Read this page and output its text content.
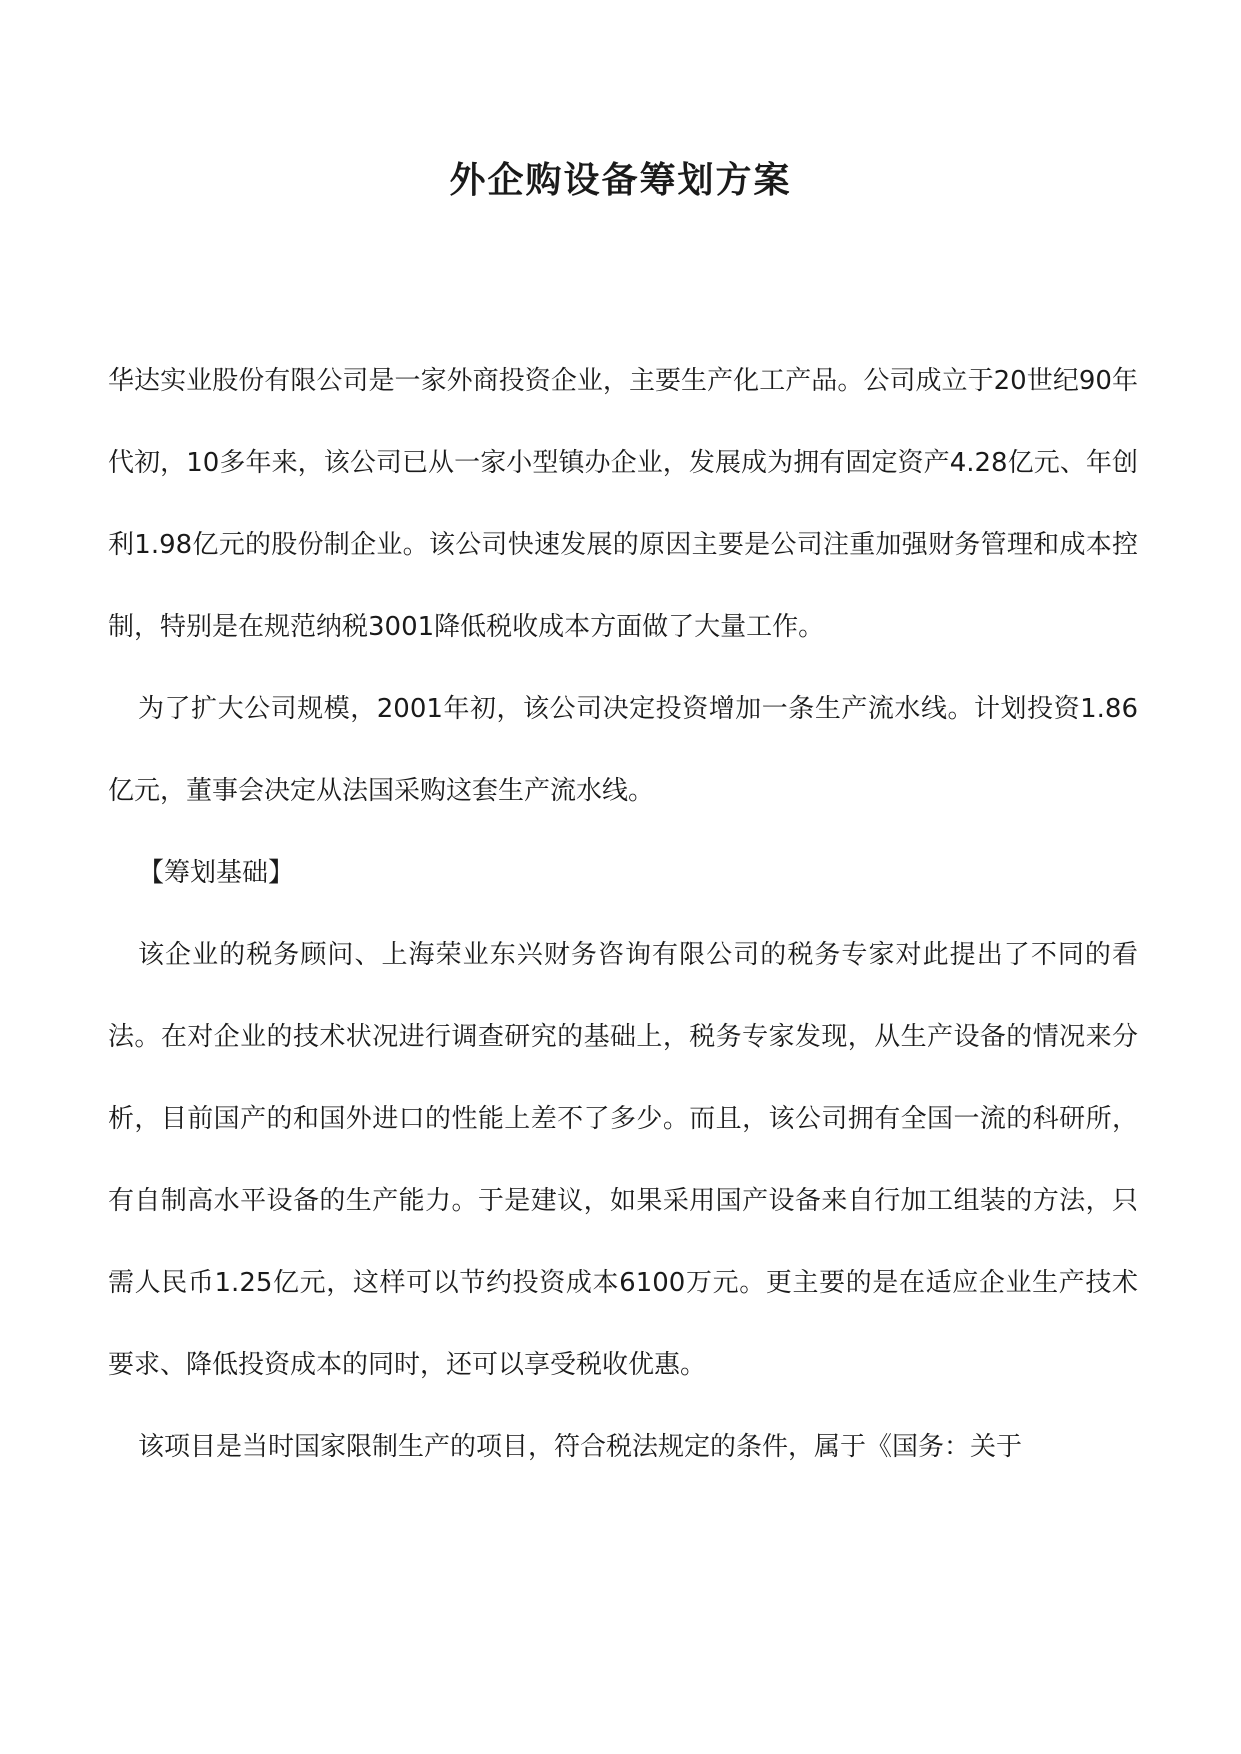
外企购设备筹划方案

华达实业股份有限公司是一家外商投资企业，主要生产化工产品。公司成立于20世纪90年代初，10多年来，该公司已从一家小型镇办企业，发展成为拥有固定资产4.28亿元、年创利1.98亿元的股份制企业。该公司快速发展的原因主要是公司注重加强财务管理和成本控制，特别是在规范纳税3001降低税收成本方面做了大量工作。

为了扩大公司规模，2001年初，该公司决定投资增加一条生产流水线。计划投资1.86亿元，董事会决定从法国采购这套生产流水线。

【筹划基础】

该企业的税务顾问、上海荣业东兴财务咨询有限公司的税务专家对此提出了不同的看法。在对企业的技术状况进行调查研究的基础上，税务专家发现，从生产设备的情况来分析，目前国产的和国外进口的性能上差不了多少。而且，该公司拥有全国一流的科研所，有自制高水平设备的生产能力。于是建议，如果采用国产设备来自行加工组装的方法，只需人民币1.25亿元，这样可以节约投资成本6100万元。更主要的是在适应企业生产技术要求、降低投资成本的同时，还可以享受税收优惠。

该项目是当时国家限制生产的项目，符合税法规定的条件，属于《国务：关于
